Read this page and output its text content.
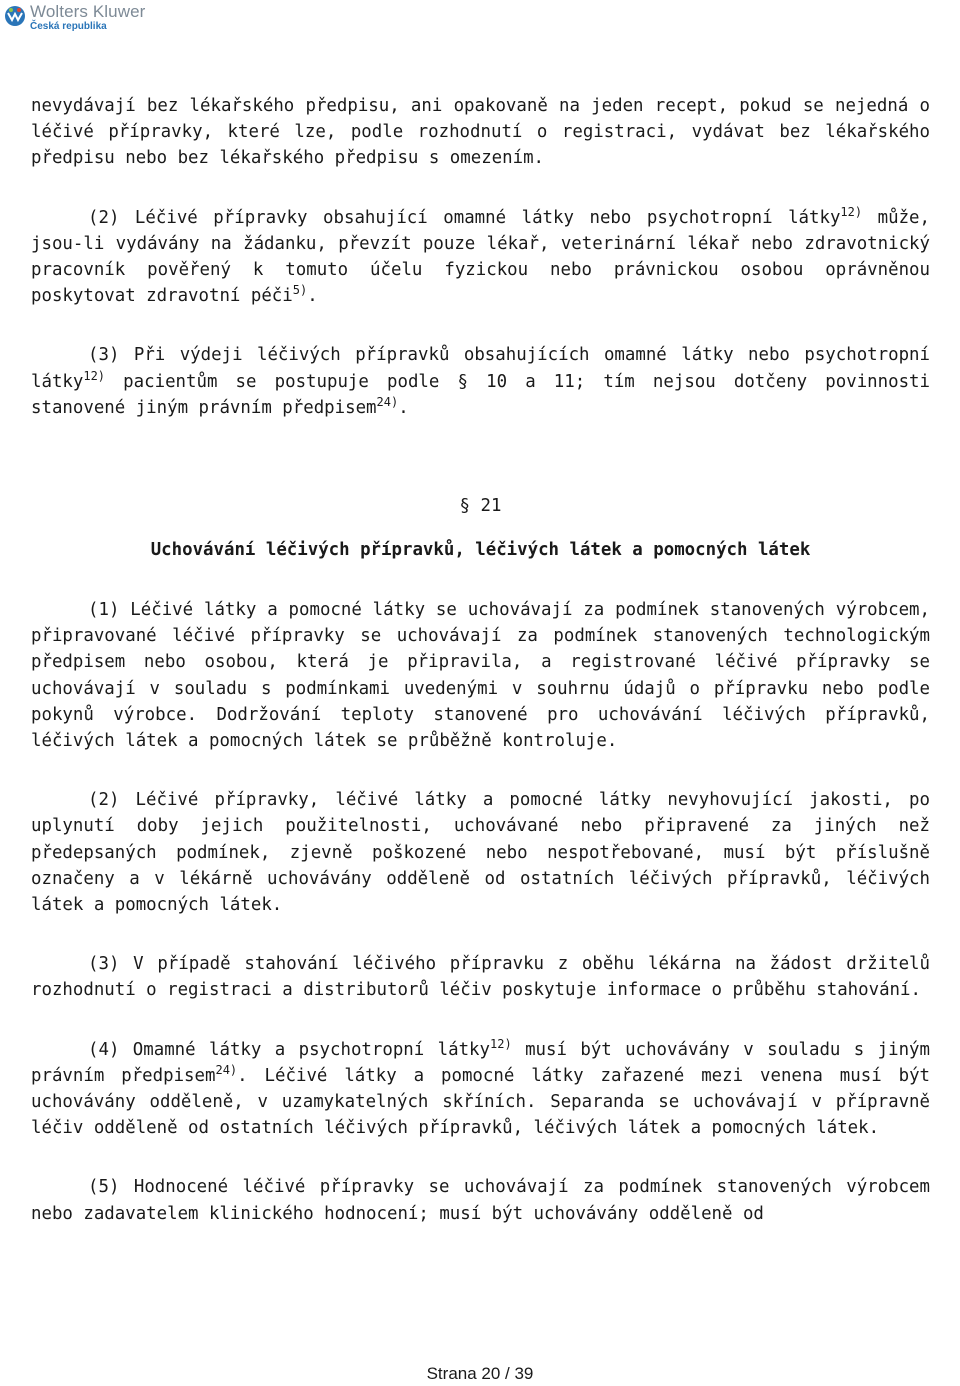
Wolters Kluwer
Česká republika

nevydávají bez lékařského předpisu, ani opakovaně na jeden recept, pokud se nejedná o léčivé přípravky, které lze, podle rozhodnutí o registraci, vydávat bez lékařského předpisu nebo bez lékařského předpisu s omezením.

(2) Léčivé přípravky obsahující omamné látky nebo psychotropní látky$^{12)}$ může, jsou-li vydávány na žádanku, převzít pouze lékař, veterinární lékař nebo zdravotnický pracovník pověřený k tomuto účelu fyzickou nebo právnickou osobou oprávněnou poskytovat zdravotní péči$^{5)}$.

(3) Při výdeji léčivých přípravků obsahujících omamné látky nebo psychotropní látky$^{12)}$ pacientům se postupuje podle § 10 a 11; tím nejsou dotčeny povinnosti stanovené jiným právním předpisem$^{24)}$.

§ 21

Uchovávání léčivých přípravků, léčivých látek a pomocných látek

(1) Léčivé látky a pomocné látky se uchovávají za podmínek stanovených výrobcem, připravované léčivé přípravky se uchovávají za podmínek stanovených technologickým předpisem nebo osobou, která je připravila, a registrované léčivé přípravky se uchovávají v souladu s podmínkami uvedenými v souhrnu údajů o přípravku nebo podle pokynů výrobce. Dodržování teploty stanovené pro uchovávání léčivých přípravků, léčivých látek a pomocných látek se průběžně kontroluje.

(2) Léčivé přípravky, léčivé látky a pomocné látky nevyhovující jakosti, po uplynutí doby jejich použitelnosti, uchovávané nebo připravené za jiných než předepsaných podmínek, zjevně poškozené nebo nespotřebované, musí být příslušně označeny a v lékárně uchovávány odděleně od ostatních léčivých přípravků, léčivých látek a pomocných látek.

(3) V případě stahování léčivého přípravku z oběhu lékárna na žádost držitelů rozhodnutí o registraci a distributorů léčiv poskytuje informace o průběhu stahování.

(4) Omamné látky a psychotropní látky$^{12)}$ musí být uchovávány v souladu s jiným právním předpisem$^{24)}$. Léčivé látky a pomocné látky zařazené mezi venena musí být uchovávány odděleně, v uzamykatelných skříních. Separanda se uchovávají v přípravně léčiv odděleně od ostatních léčivých přípravků, léčivých látek a pomocných látek.

(5) Hodnocené léčivé přípravky se uchovávají za podmínek stanovených výrobcem nebo zadavatelem klinického hodnocení; musí být uchovávány odděleně od

Strana 20 / 39
